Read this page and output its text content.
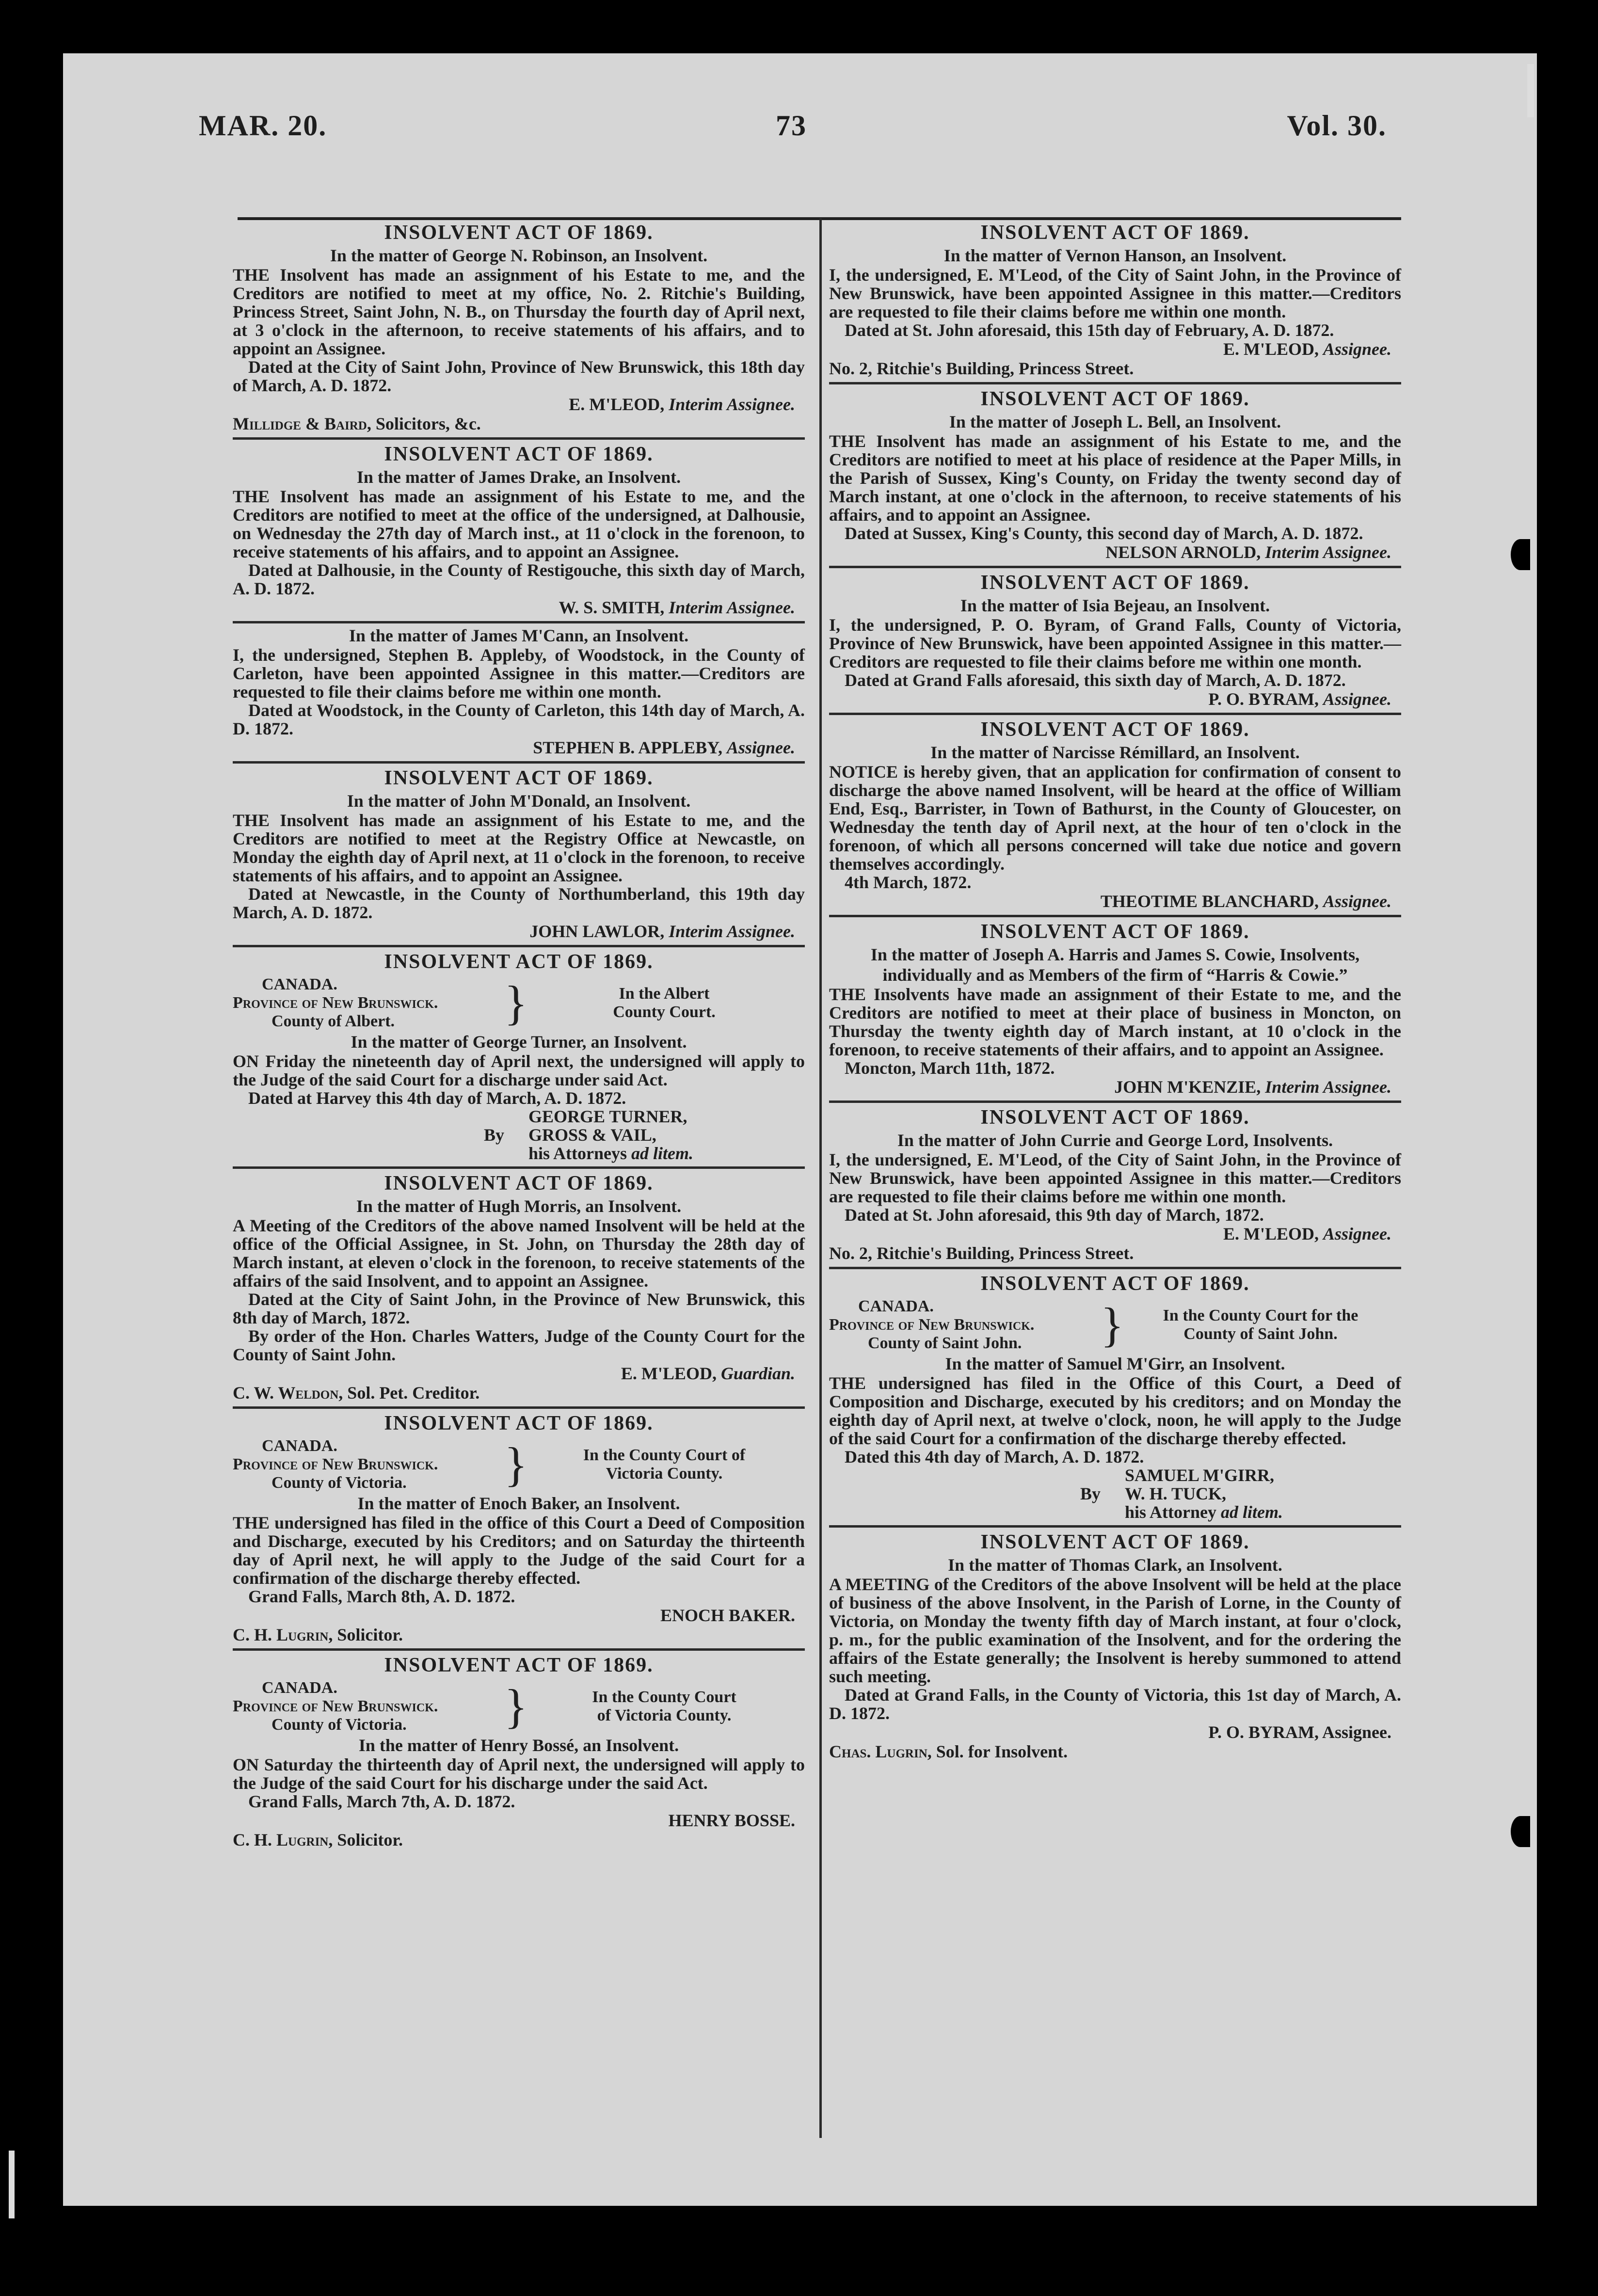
MAR. 20.	73	Vol. 30.
INSOLVENT ACT OF 1869.
In the matter of George N. Robinson, an Insolvent.
THE Insolvent has made an assignment of his Estate to me, and the Creditors are notified to meet at my office, No. 2. Ritchie's Building, Princess Street, Saint John, N. B., on Thursday the fourth day of April next, at 3 o'clock in the afternoon, to receive statements of his affairs, and to appoint an Assignee.
Dated at the City of Saint John, Province of New Brunswick, this 18th day of March, A. D. 1872.
E. M'LEOD, Interim Assignee.
Millidge & Baird, Solicitors, &c.
INSOLVENT ACT OF 1869.
In the matter of James Drake, an Insolvent.
THE Insolvent has made an assignment of his Estate to me, and the Creditors are notified to meet at the office of the undersigned, at Dalhousie, on Wednesday the 27th day of March inst., at 11 o'clock in the forenoon, to receive statements of his affairs, and to appoint an Assignee.
Dated at Dalhousie, in the County of Restigouche, this sixth day of March, A. D. 1872.
W. S. SMITH, Interim Assignee.
In the matter of James M'Cann, an Insolvent.
I, the undersigned, Stephen B. Appleby, of Woodstock, in the County of Carleton, have been appointed Assignee in this matter.—Creditors are requested to file their claims before me within one month.
Dated at Woodstock, in the County of Carleton, this 14th day of March, A. D. 1872.
STEPHEN B. APPLEBY, Assignee.
INSOLVENT ACT OF 1869.
In the matter of John M'Donald, an Insolvent.
THE Insolvent has made an assignment of his Estate to me, and the Creditors are notified to meet at the Registry Office at Newcastle, on Monday the eighth day of April next, at 11 o'clock in the forenoon, to receive statements of his affairs, and to appoint an Assignee.
Dated at Newcastle, in the County of Northumberland, this 19th day March, A. D. 1872.
JOHN LAWLOR, Interim Assignee.
INSOLVENT ACT OF 1869.
CANADA.
Province of New Brunswick.
County of Albert.	}	In the Albert
County Court.
In the matter of George Turner, an Insolvent.
ON Friday the nineteenth day of April next, the undersigned will apply to the Judge of the said Court for a discharge under said Act.
Dated at Harvey this 4th day of March, A. D. 1872.
GEORGE TURNER,
By	GROSS & VAIL,
his Attorneys ad litem.
INSOLVENT ACT OF 1869.
In the matter of Hugh Morris, an Insolvent.
A Meeting of the Creditors of the above named Insolvent will be held at the office of the Official Assignee, in St. John, on Thursday the 28th day of March instant, at eleven o'clock in the forenoon, to receive statements of the affairs of the said Insolvent, and to appoint an Assignee.
Dated at the City of Saint John, in the Province of New Brunswick, this 8th day of March, 1872.
By order of the Hon. Charles Watters, Judge of the County Court for the County of Saint John.
E. M'LEOD, Guardian.
C. W. Weldon, Sol. Pet. Creditor.
INSOLVENT ACT OF 1869.
CANADA.
Province of New Brunswick.
County of Victoria.	}	In the County Court of
Victoria County.
In the matter of Enoch Baker, an Insolvent.
THE undersigned has filed in the office of this Court a Deed of Composition and Discharge, executed by his Creditors; and on Saturday the thirteenth day of April next, he will apply to the Judge of the said Court for a confirmation of the discharge thereby effected.
Grand Falls, March 8th, A. D. 1872.
ENOCH BAKER.
C. H. Lugrin, Solicitor.
INSOLVENT ACT OF 1869.
CANADA.
Province of New Brunswick.
County of Victoria.	}	In the County Court
of Victoria County.
In the matter of Henry Bossé, an Insolvent.
ON Saturday the thirteenth day of April next, the undersigned will apply to the Judge of the said Court for his discharge under the said Act.
Grand Falls, March 7th, A. D. 1872.
HENRY BOSSE.
C. H. Lugrin, Solicitor.
INSOLVENT ACT OF 1869.
In the matter of Vernon Hanson, an Insolvent.
I, the undersigned, E. M'Leod, of the City of Saint John, in the Province of New Brunswick, have been appointed Assignee in this matter.—Creditors are requested to file their claims before me within one month.
Dated at St. John aforesaid, this 15th day of February, A. D. 1872.
E. M'LEOD, Assignee.
No. 2, Ritchie's Building, Princess Street.
INSOLVENT ACT OF 1869.
In the matter of Joseph L. Bell, an Insolvent.
THE Insolvent has made an assignment of his Estate to me, and the Creditors are notified to meet at his place of residence at the Paper Mills, in the Parish of Sussex, King's County, on Friday the twenty second day of March instant, at one o'clock in the afternoon, to receive statements of his affairs, and to appoint an Assignee.
Dated at Sussex, King's County, this second day of March, A. D. 1872.
NELSON ARNOLD, Interim Assignee.
INSOLVENT ACT OF 1869.
In the matter of Isia Bejeau, an Insolvent.
I, the undersigned, P. O. Byram, of Grand Falls, County of Victoria, Province of New Brunswick, have been appointed Assignee in this matter.—Creditors are requested to file their claims before me within one month.
Dated at Grand Falls aforesaid, this sixth day of March, A. D. 1872.
P. O. BYRAM, Assignee.
INSOLVENT ACT OF 1869.
In the matter of Narcisse Rémillard, an Insolvent.
NOTICE is hereby given, that an application for confirmation of consent to discharge the above named Insolvent, will be heard at the office of William End, Esq., Barrister, in Town of Bathurst, in the County of Gloucester, on Wednesday the tenth day of April next, at the hour of ten o'clock in the forenoon, of which all persons concerned will take due notice and govern themselves accordingly.
4th March, 1872.
THEOTIME BLANCHARD, Assignee.
INSOLVENT ACT OF 1869.
In the matter of Joseph A. Harris and James S. Cowie, Insolvents, individually and as Members of the firm of “Harris & Cowie.”
THE Insolvents have made an assignment of their Estate to me, and the Creditors are notified to meet at their place of business in Moncton, on Thursday the twenty eighth day of March instant, at 10 o'clock in the forenoon, to receive statements of their affairs, and to appoint an Assignee.
Moncton, March 11th, 1872.
JOHN M'KENZIE, Interim Assignee.
INSOLVENT ACT OF 1869.
In the matter of John Currie and George Lord, Insolvents.
I, the undersigned, E. M'Leod, of the City of Saint John, in the Province of New Brunswick, have been appointed Assignee in this matter.—Creditors are requested to file their claims before me within one month.
Dated at St. John aforesaid, this 9th day of March, 1872.
E. M'LEOD, Assignee.
No. 2, Ritchie's Building, Princess Street.
INSOLVENT ACT OF 1869.
CANADA.
Province of New Brunswick.
County of Saint John.	}	In the County Court for the
County of Saint John.
In the matter of Samuel M'Girr, an Insolvent.
THE undersigned has filed in the Office of this Court, a Deed of Composition and Discharge, executed by his creditors; and on Monday the eighth day of April next, at twelve o'clock, noon, he will apply to the Judge of the said Court for a confirmation of the discharge thereby effected.
Dated this 4th day of March, A. D. 1872.
SAMUEL M'GIRR,
By	W. H. TUCK,
his Attorney ad litem.
INSOLVENT ACT OF 1869.
In the matter of Thomas Clark, an Insolvent.
A MEETING of the Creditors of the above Insolvent will be held at the place of business of the above Insolvent, in the Parish of Lorne, in the County of Victoria, on Monday the twenty fifth day of March instant, at four o'clock, p. m., for the public examination of the Insolvent, and for the ordering the affairs of the Estate generally; the Insolvent is hereby summoned to attend such meeting.
Dated at Grand Falls, in the County of Victoria, this 1st day of March, A. D. 1872.
P. O. BYRAM, Assignee.
Chas. Lugrin, Sol. for Insolvent.
